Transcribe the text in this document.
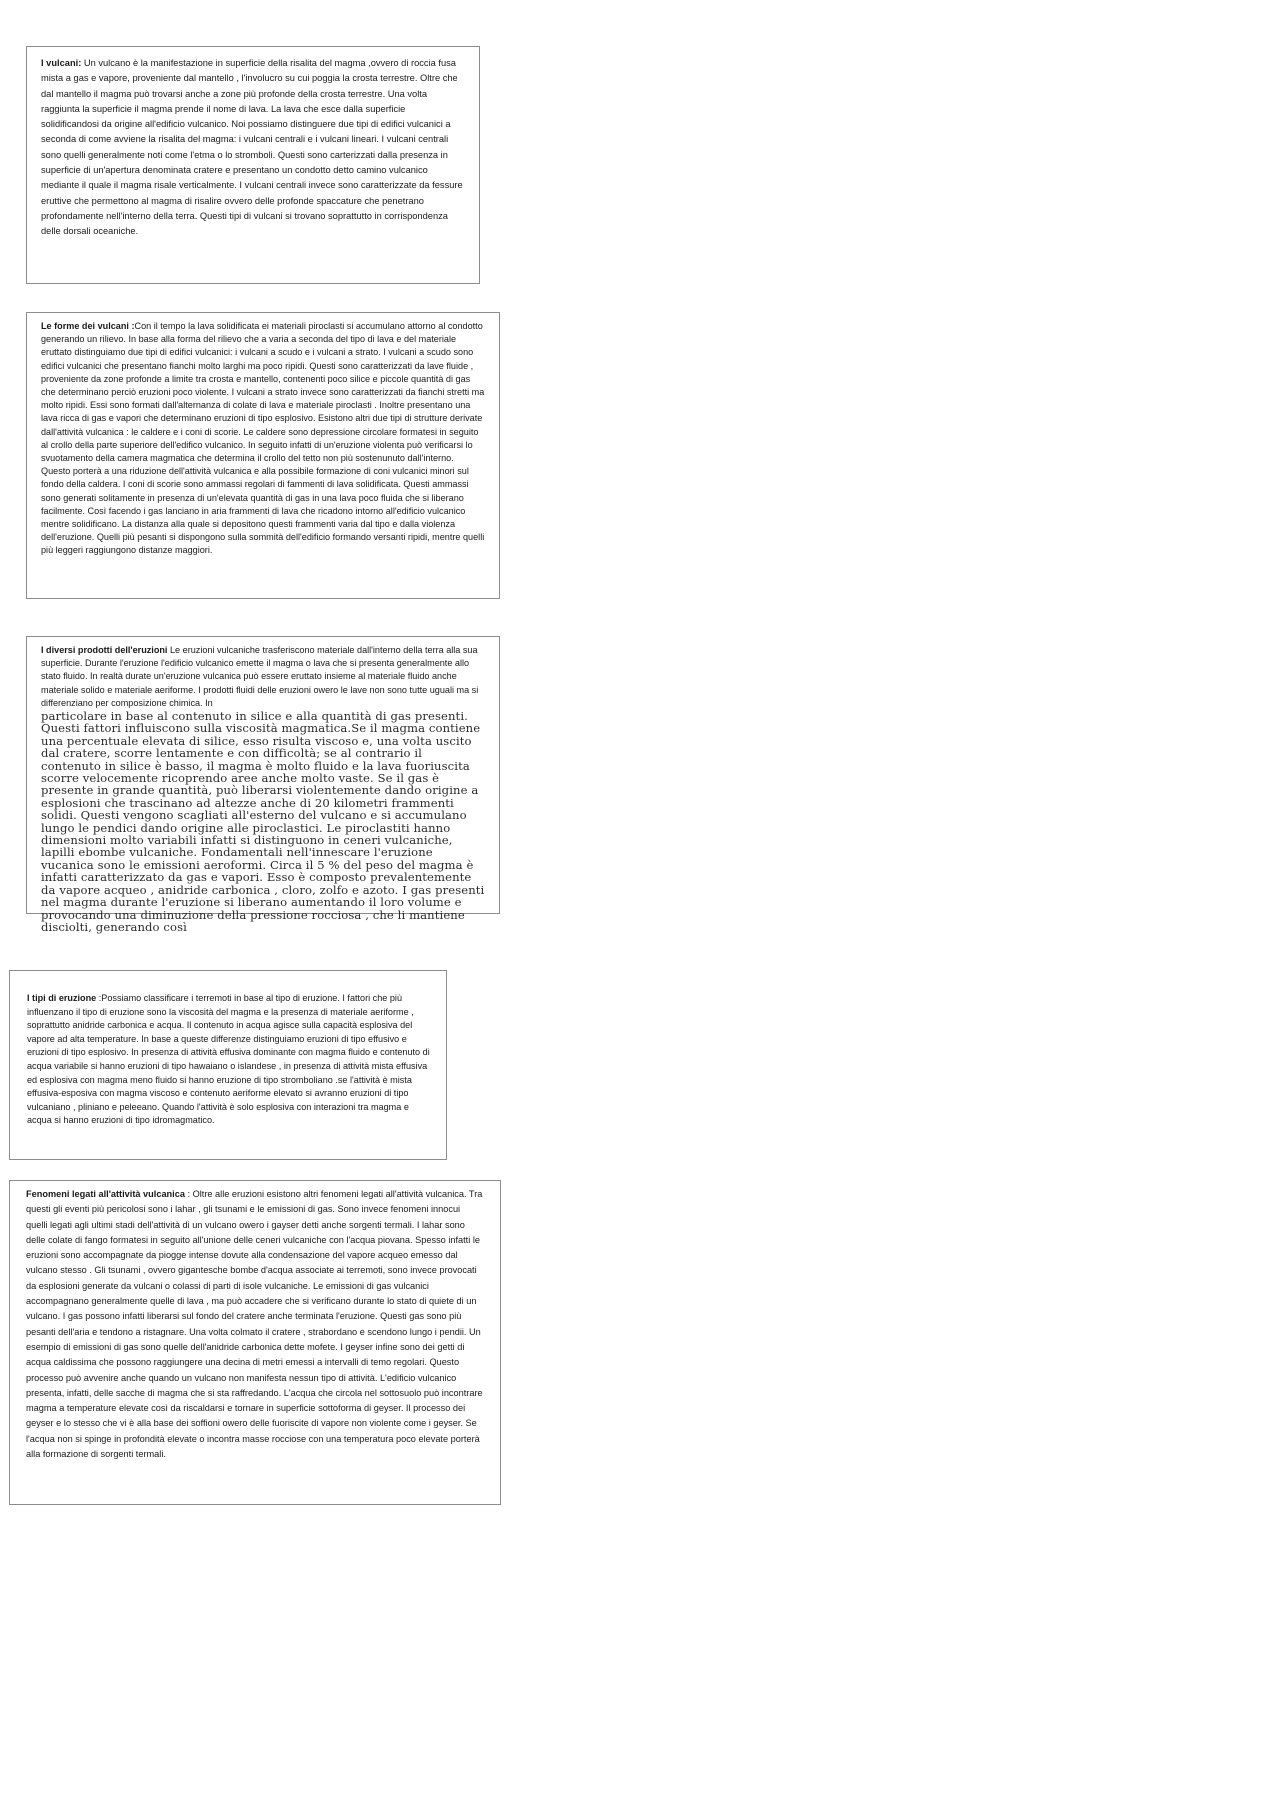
I vulcani: Un vulcano è la manifestazione in superficie della risalita del magma ,ovvero di roccia fusa mista a gas e vapore, proveniente dal mantello , l'involucro su cui poggia la crosta terrestre. Oltre che dal mantello il magma può trovarsi anche a zone più profonde della crosta terrestre. Una volta raggiunta la superficie il magma prende il nome di lava. La lava che esce dalla superficie solidificandosi da origine all'edificio vulcanico. Noi possiamo distinguere due tipi di edifici vulcanici a seconda di come avviene la risalita del magma: i vulcani centrali e i vulcani lineari. I vulcani centrali sono quelli generalmente noti come l'etma o lo stromboli. Questi sono carterizzati dalla presenza in superficie di un'apertura denominata cratere e presentano un condotto detto camino vulcanico mediante il quale il magma risale verticalmente. I vulcani centrali invece sono caratterizzate da fessure eruttive che permettono al magma di risalire ovvero delle profonde spaccature che penetrano profondamente nell'interno della terra. Questi tipi di vulcani si trovano soprattutto in corrispondenza delle dorsali oceaniche.

Le forme dei vulcani :Con il tempo la lava solidificata ei materiali piroclasti si accumulano attorno al condotto generando un rilievo. In base alla forma del rilievo che a varia a seconda del tipo di lava e del materiale eruttato distinguiamo due tipi di edifici vulcanici: i vulcani a scudo e i vulcani a strato. I vulcani a scudo sono edifici vulcanici che presentano fianchi molto larghi ma poco ripidi. Questi sono caratterizzati da lave fluide , proveniente da zone profonde a limite tra crosta e mantello, contenenti poco silice e piccole quantità di gas che determinano perciò eruzioni poco violente. I vulcani a strato invece sono caratterizzati da fianchi stretti ma molto ripidi. Essi sono formati dall'alternanza di colate di lava e materiale piroclasti . Inoltre presentano una lava ricca di gas e vapori che determinano eruzioni di tipo esplosivo. Esistono altri due tipi di strutture derivate dall'attività vulcanica : le caldere e i coni di scorie. Le caldere sono depressione circolare formatesi in seguito al crollo della parte superiore dell'edifico vulcanico. In seguito infatti di un'eruzione violenta può verificarsi lo svuotamento della camera magmatica che determina il crollo del tetto non più sostenunuto dall'interno. Questo porterà a una riduzione dell'attività vulcanica e alla possibile formazione di coni vulcanici minori sul fondo della caldera. I coni di scorie sono ammassi regolari di fammenti di lava solidificata. Questi ammassi sono generati solitamente in presenza di un'elevata quantità di gas in una lava poco fluida che si liberano facilmente. Così facendo i gas lanciano in aria frammenti di lava che ricadono intorno all'edificio vulcanico mentre solidificano. La distanza alla quale si depositono questi frammenti varia dal tipo e dalla violenza dell'eruzione. Quelli più pesanti si dispongono sulla sommità dell'edificio formando versanti ripidi, mentre quelli più leggeri raggiungono distanze maggiori.

I diversi prodotti dell'eruzioni Le eruzioni vulcaniche trasferiscono materiale dall'interno della terra alla sua superficie. Durante l'eruzione l'edificio vulcanico emette il magma o lava che si presenta generalmente allo stato fluido. In realtà durate un'eruzione vulcanica può essere eruttato insieme al materiale fluido anche materiale solido e materiale aeriforme. I prodotti fluidi delle eruzioni owero le lave non sono tutte uguali ma si differenziano per composizione chimica. In

particolare in base al contenuto in silice e alla quantità di gas presenti. Questi fattori influiscono sulla viscosità magmatica.Se il magma contiene una percentuale elevata di silice, esso risulta viscoso e, una volta uscito dal cratere, scorre lentamente e con difficoltà; se al contrario il contenuto in silice è basso, il magma è molto fluido e la lava fuoriuscita scorre velocemente ricoprendo aree anche molto vaste. Se il gas è presente in grande quantità, può liberarsi violentemente dando origine a esplosioni che trascinano ad altezze anche di 20 kilometri frammenti solidi. Questi vengono scagliati all'esterno del vulcano e si accumulano lungo le pendici dando origine alle piroclastici. Le piroclastiti hanno dimensioni molto variabili infatti si distinguono in ceneri vulcaniche, lapilli ebombe vulcaniche. Fondamentali nell'innescare l'eruzione vucanica sono le emissioni aeroformi. Circa il 5 % del peso del magma è infatti caratterizzato da gas e vapori. Esso è composto prevalentemente da vapore acqueo , anidride carbonica , cloro, zolfo e azoto. I gas presenti nel magma durante l'eruzione si liberano aumentando il loro volume e provocando una diminuzione della pressione rocciosa , che li mantiene disciolti, generando così

I tipi di eruzione :Possiamo classificare i terremoti in base al tipo di eruzione. I fattori che più influenzano il tipo di eruzione sono la viscosità del magma e la presenza di materiale aeriforme , soprattutto anidride carbonica e acqua. Il contenuto in acqua agisce sulla capacità esplosiva del vapore ad alta temperature. In base a queste differenze distinguiamo eruzioni di tipo effusivo e eruzioni di tipo esplosivo. In presenza di attività effusiva dominante con magma fluido e contenuto di acqua variabile si hanno eruzioni di tipo hawaiano o islandese , in presenza di attività mista effusiva ed esplosiva con magma meno fluido si hanno eruzione di tipo stromboliano .se l'attività è mista effusiva-esposiva con magma viscoso e contenuto aeriforme elevato si avranno eruzioni di tipo vulcaniano , pliniano e peleeano. Quando l'attività è solo esplosiva con interazioni tra magma e acqua si hanno eruzioni di tipo idromagmatico.

Fenomeni legati all'attività vulcanica : Oltre alle eruzioni esistono altri fenomeni legati all'attività vulcanica. Tra questi gli eventi più pericolosi sono i lahar , gli tsunami e le emissioni di gas. Sono invece fenomeni innocui quelli legati agli ultimi stadi dell'attività di un vulcano owero i gayser detti anche sorgenti termali. I lahar sono delle colate di fango formatesi in seguito all'unione delle ceneri vulcaniche con l'acqua piovana. Spesso infatti le eruzioni sono accompagnate da piogge intense dovute alla condensazione del vapore acqueo emesso dal vulcano stesso . Gli tsunami , ovvero gigantesche bombe d'acqua associate ai terremoti, sono invece provocati da esplosioni generate da vulcani o colassi di parti di isole vulcaniche. Le emissioni di gas vulcanici accompagnano generalmente quelle di lava , ma può accadere che si verificano durante lo stato di quiete di un vulcano. I gas possono infatti liberarsi sul fondo del cratere anche terminata l'eruzione. Questi gas sono più pesanti dell'aria e tendono a ristagnare. Una volta colmato il cratere , strabordano e scendono lungo i pendii. Un esempio di emissioni di gas sono quelle dell'anidride carbonica dette mofete. I geyser infine sono dei getti di acqua caldissima che possono raggiungere una decina di metri emessi a intervalli di temo regolari. Questo processo può avvenire anche quando un vulcano non manifesta nessun tipo di attività. L'edificio vulcanico presenta, infatti, delle sacche di magma che si sta raffredando. L'acqua che circola nel sottosuolo può incontrare magma a temperature elevate così da riscaldarsi e tornare in superficie sottoforma di geyser. Il processo dei geyser e lo stesso che vi è alla base dei soffioni owero delle fuoriscite di vapore non violente come i geyser. Se l'acqua non si spinge in profondità elevate o incontra masse rocciose con una temperatura poco elevate porterà alla formazione di sorgenti termali.
